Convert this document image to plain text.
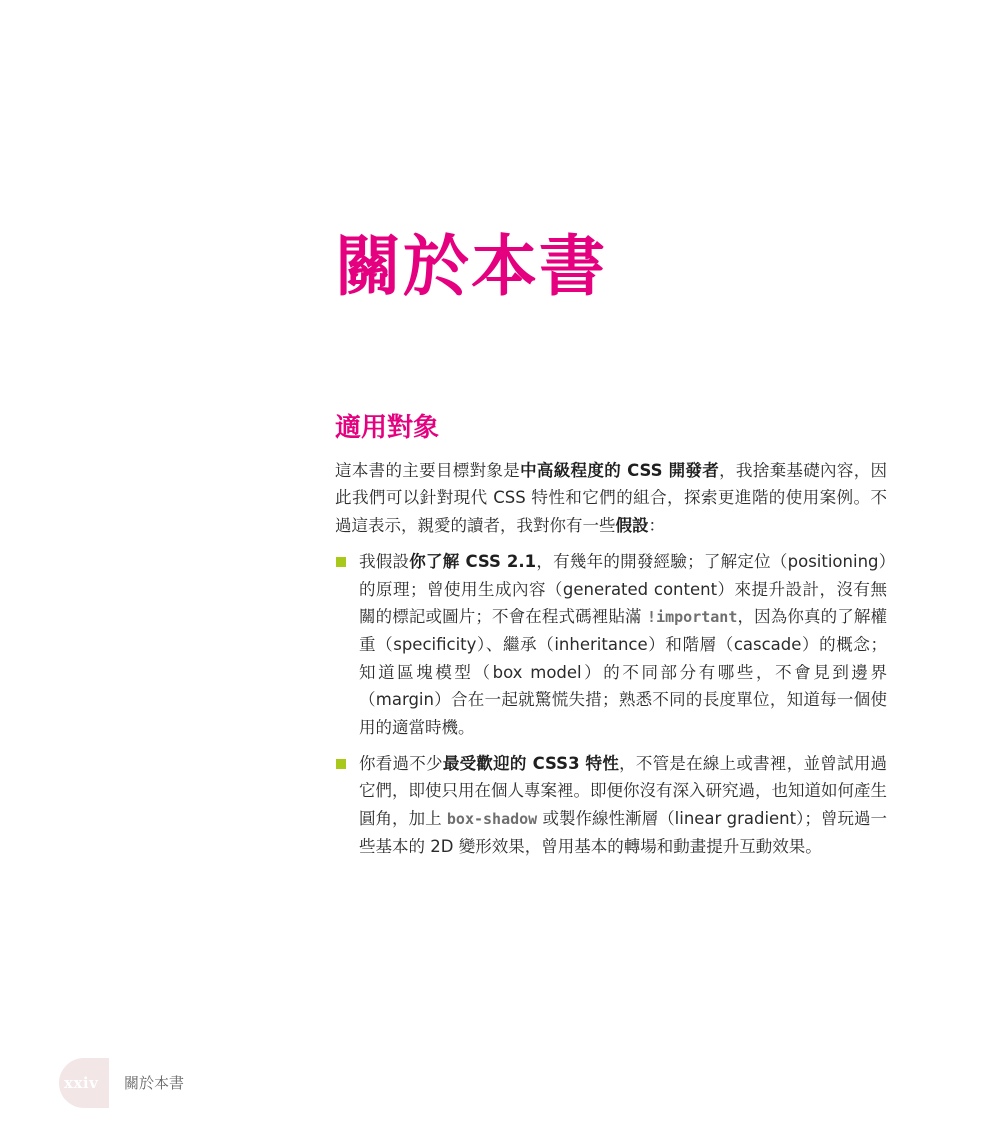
關於本書
適用對象

這本書的主要目標對象是中高級程度的 CSS 開發者，我捨棄基礎內容，因此我們可以針對現代 CSS 特性和它們的組合，探索更進階的使用案例。不過這表示，親愛的讀者，我對你有一些假設：

我假設你了解 CSS 2.1，有幾年的開發經驗；了解定位（positioning）的原理；曾使用生成內容（generated content）來提升設計，沒有無關的標記或圖片；不會在程式碼裡貼滿 !important，因為你真的了解權重（specificity）、繼承（inheritance）和階層（cascade）的概念；知道區塊模型（box model）的不同部分有哪些，不會見到邊界（margin）合在一起就驚慌失措；熟悉不同的長度單位，知道每一個使用的適當時機。
你看過不少最受歡迎的 CSS3 特性，不管是在線上或書裡，並曾試用過它們，即使只用在個人專案裡。即便你沒有深入研究過，也知道如何產生圓角，加上 box-shadow 或製作線性漸層（linear gradient）；曾玩過一些基本的 2D 變形效果，曾用基本的轉場和動畫提升互動效果。
xxiv 關於本書
